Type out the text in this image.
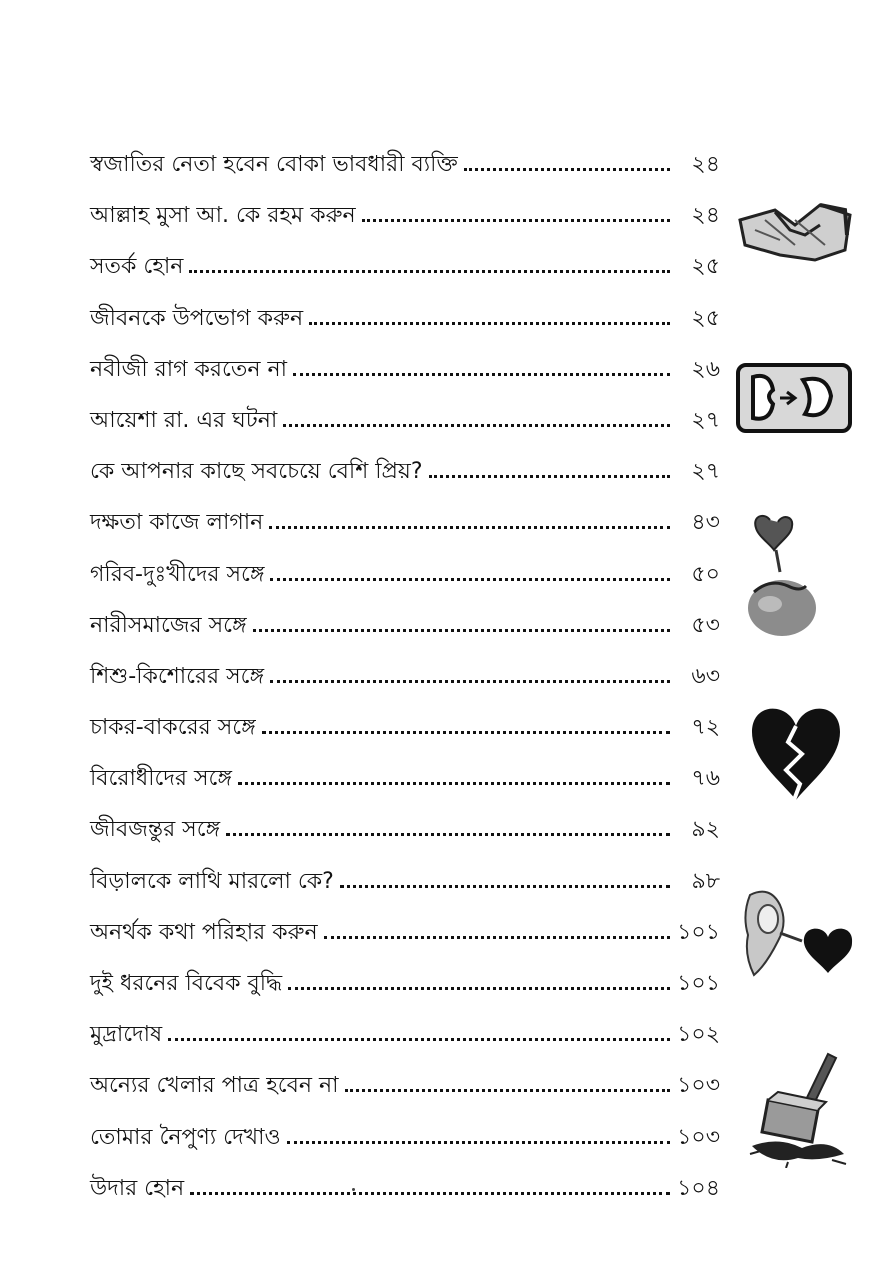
স্বজাতির নেতা হবেন বোকা ভাবধারী ব্যক্তি	২৪
আল্লাহ মুসা আ. কে রহম করুন	২৪
সতর্ক হোন	২৫
জীবনকে উপভোগ করুন	২৫
নবীজী রাগ করতেন না	২৬
আয়েশা রা. এর ঘটনা	২৭
কে আপনার কাছে সবচেয়ে বেশি প্রিয়?	২৭
দক্ষতা কাজে লাগান	৪৩
গরিব-দুঃখীদের সঙ্গে	৫০
নারীসমাজের সঙ্গে	৫৩
শিশু-কিশোরের সঙ্গে	৬৩
চাকর-বাকরের সঙ্গে	৭২
বিরোধীদের সঙ্গে	৭৬
জীবজন্তুর সঙ্গে	৯২
বিড়ালকে লাথি মারলো কে?	৯৮
অনর্থক কথা পরিহার করুন	১০১
দুই ধরনের বিবেক বুদ্ধি	১০১
মুদ্রাদোষ	১০২
অন্যের খেলার পাত্র হবেন না	১০৩
তোমার নৈপুণ্য দেখাও	১০৩
উদার হোন	১০৪
